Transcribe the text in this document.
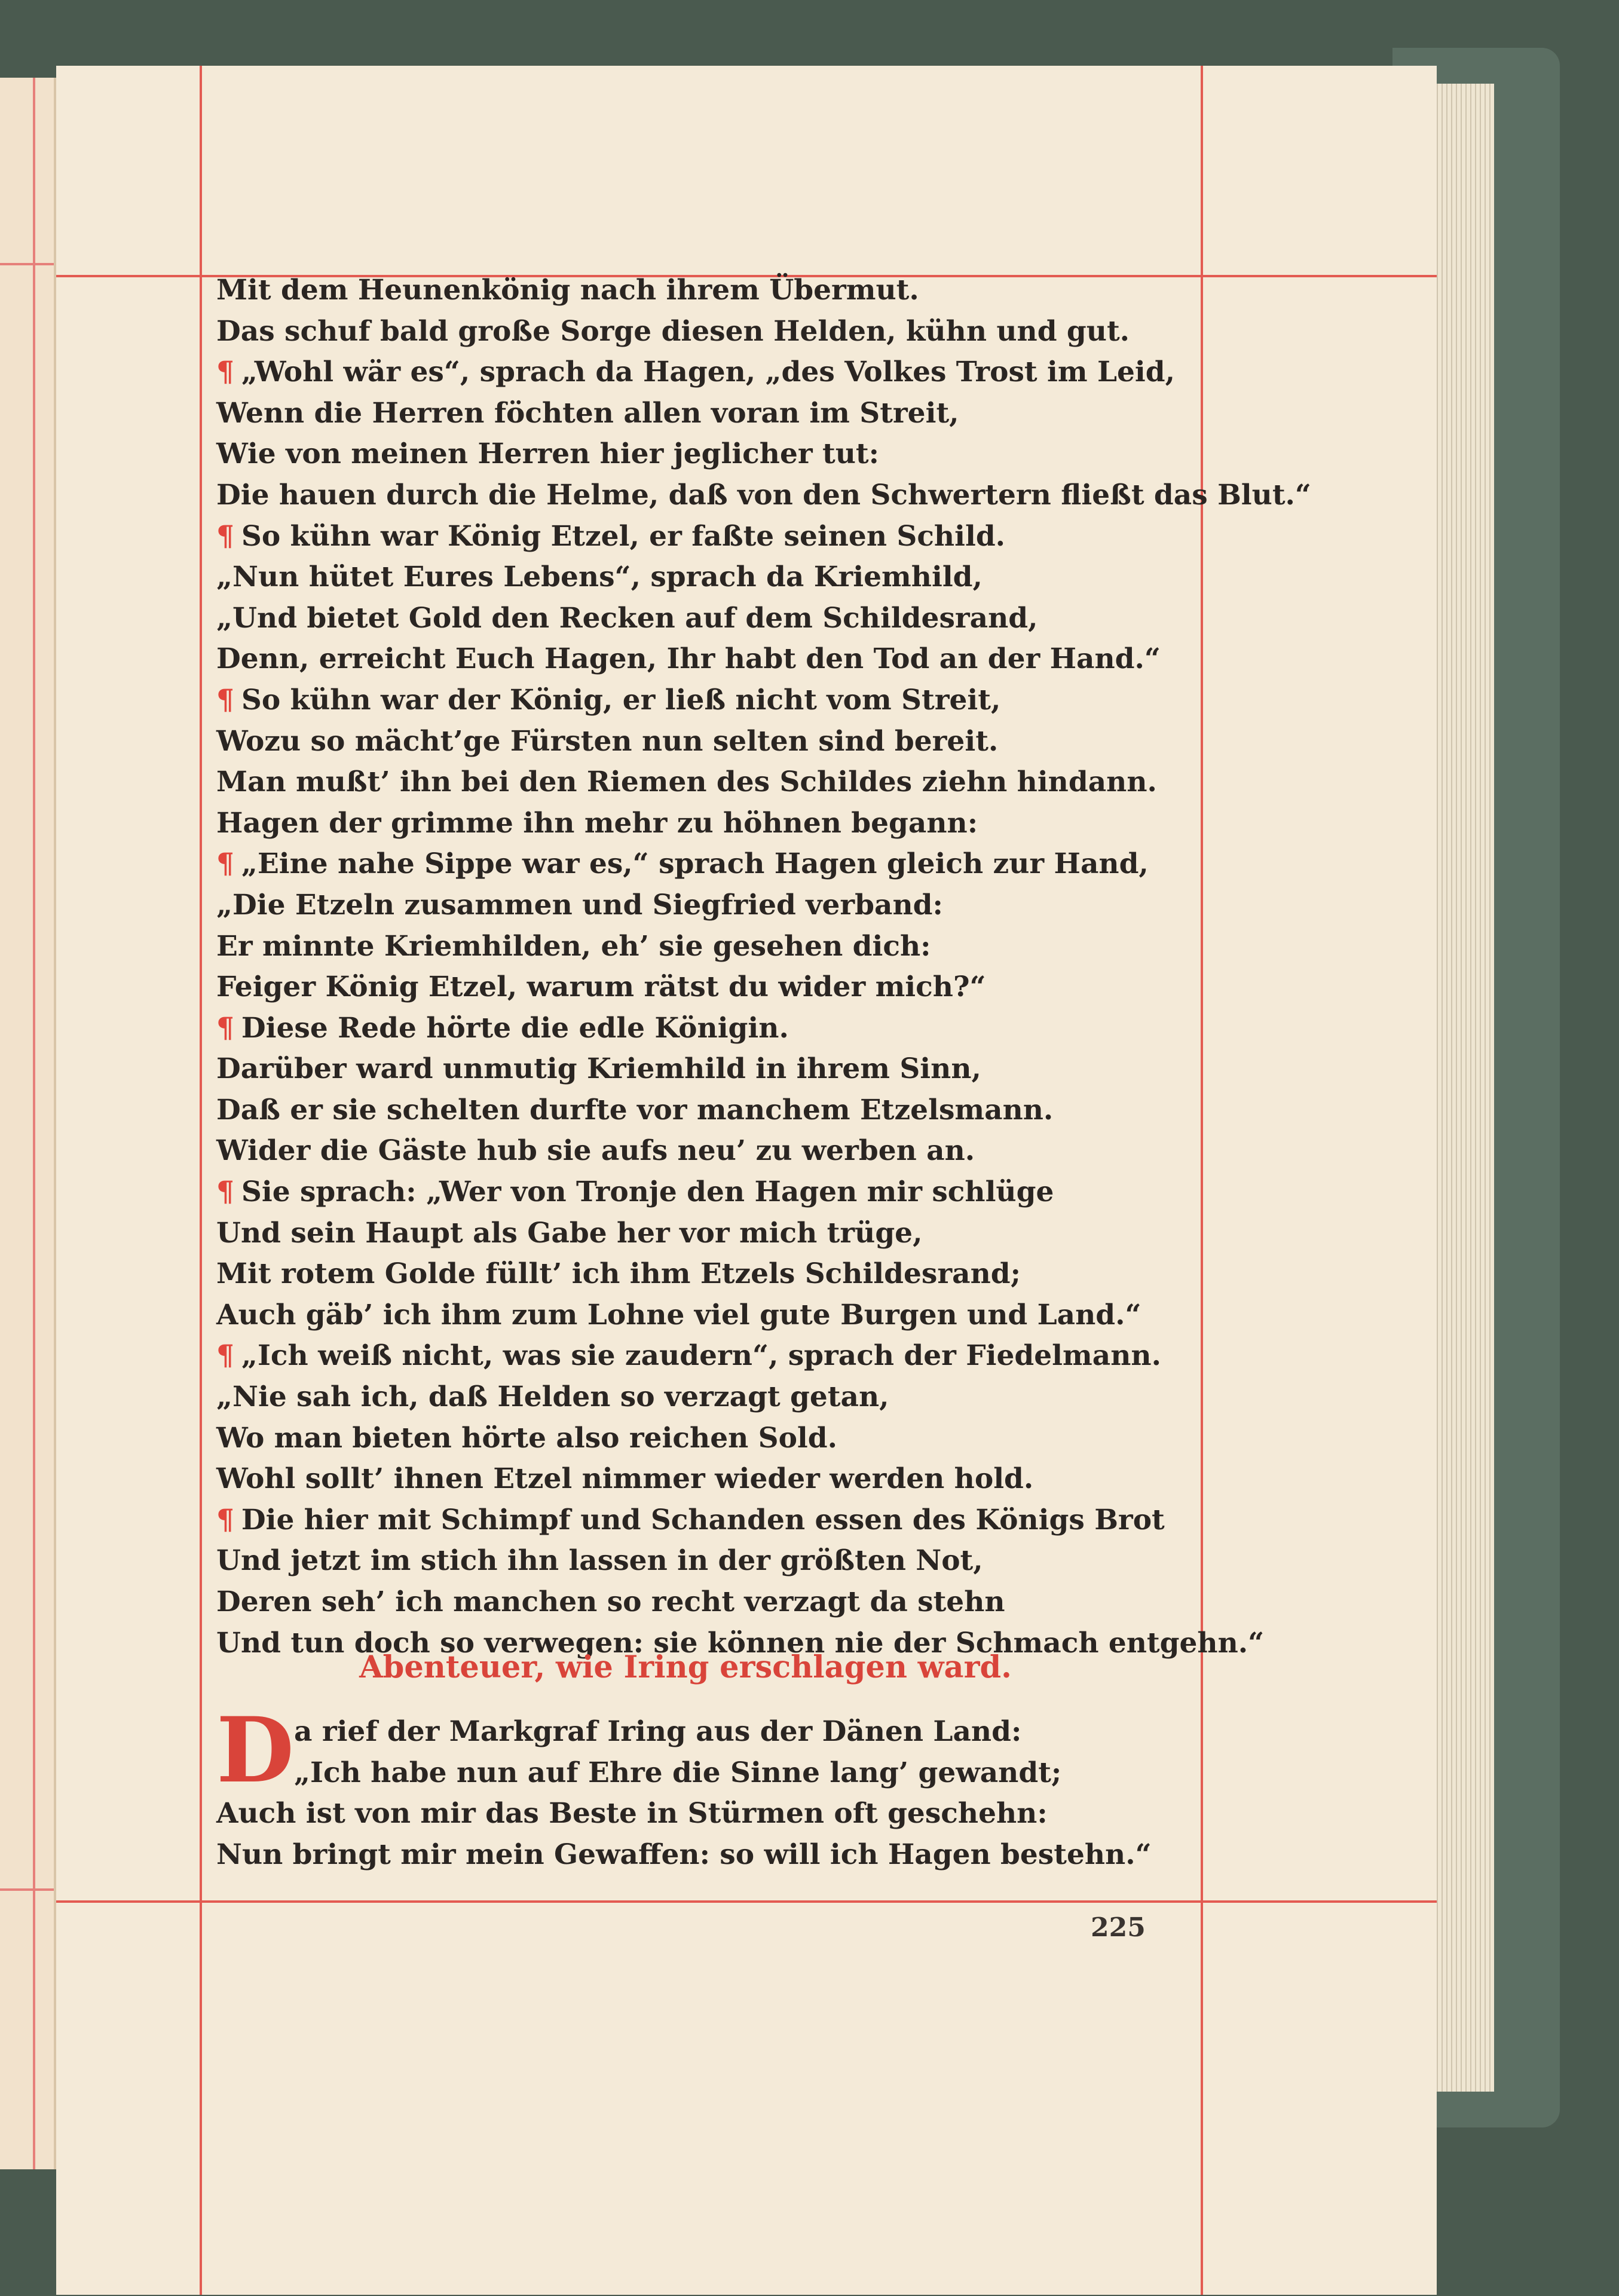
Mit dem Heunenkönig nach ihrem Übermut.
Das schuf bald große Sorge diesen Helden, kühn und gut.
¶ „Wohl wär es“, sprach da Hagen, „des Volkes Trost im Leid,
Wenn die Herren föchten allen voran im Streit,
Wie von meinen Herren hier jeglicher tut:
Die hauen durch die Helme, daß von den Schwertern fließt das Blut.“
¶ So kühn war König Etzel, er faßte seinen Schild.
„Nun hütet Eures Lebens“, sprach da Kriemhild,
„Und bietet Gold den Recken auf dem Schildesrand,
Denn, erreicht Euch Hagen, Ihr habt den Tod an der Hand.“
¶ So kühn war der König, er ließ nicht vom Streit,
Wozu so mächt’ge Fürsten nun selten sind bereit.
Man mußt’ ihn bei den Riemen des Schildes ziehn hindann.
Hagen der grimme ihn mehr zu höhnen begann:
¶ „Eine nahe Sippe war es,“ sprach Hagen gleich zur Hand,
„Die Etzeln zusammen und Siegfried verband:
Er minnte Kriemhilden, eh’ sie gesehen dich:
Feiger König Etzel, warum rätst du wider mich?“
¶ Diese Rede hörte die edle Königin.
Darüber ward unmutig Kriemhild in ihrem Sinn,
Daß er sie schelten durfte vor manchem Etzelsmann.
Wider die Gäste hub sie aufs neu’ zu werben an.
¶ Sie sprach: „Wer von Tronje den Hagen mir schlüge
Und sein Haupt als Gabe her vor mich trüge,
Mit rotem Golde füllt’ ich ihm Etzels Schildesrand;
Auch gäb’ ich ihm zum Lohne viel gute Burgen und Land.“
¶ „Ich weiß nicht, was sie zaudern“, sprach der Fiedelmann.
„Nie sah ich, daß Helden so verzagt getan,
Wo man bieten hörte also reichen Sold.
Wohl sollt’ ihnen Etzel nimmer wieder werden hold.
¶ Die hier mit Schimpf und Schanden essen des Königs Brot
Und jetzt im stich ihn lassen in der größten Not,
Deren seh’ ich manchen so recht verzagt da stehn
Und tun doch so verwegen: sie können nie der Schmach entgehn.“
Abenteuer, wie Iring erschlagen ward.
D a rief der Markgraf Iring aus der Dänen Land:
„Ich habe nun auf Ehre die Sinne lang’ gewandt;
Auch ist von mir das Beste in Stürmen oft geschehn:
Nun bringt mir mein Gewaffen: so will ich Hagen bestehn.“
225
